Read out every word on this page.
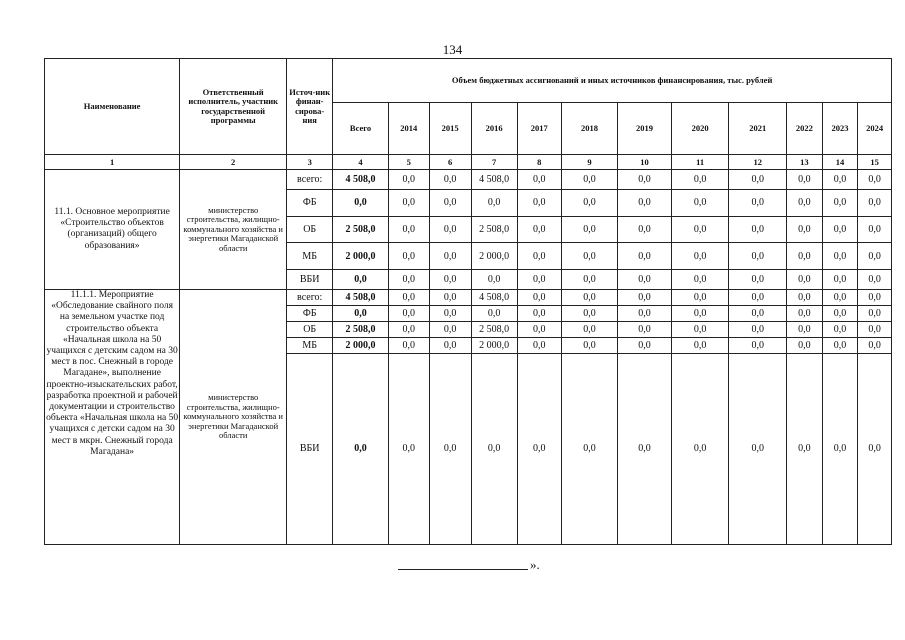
134
Наименование	Ответственный исполнитель, участник государственной программы	Источ-ник финан-сирова-ния	Объем бюджетных ассигнований и иных источников финансирования, тыс. рублей											
			Всего	2014	2015	2016	2017	2018	2019	2020	2021	2022	2023	2024
1	2	3	4	5	6	7	8	9	10	11	12	13	14	15
11.1. Основное мероприятие «Строительство объектов (организаций) общего образования»	министерство строительства, жилищно-коммунального хозяйства и энергетики Магаданской области	всего:	4 508,0	0,0	0,0	4 508,0	0,0	0,0	0,0	0,0	0,0	0,0	0,0	0,0
		ФБ	0,0	0,0	0,0	0,0	0,0	0,0	0,0	0,0	0,0	0,0	0,0	0,0
		ОБ	2 508,0	0,0	0,0	2 508,0	0,0	0,0	0,0	0,0	0,0	0,0	0,0	0,0
		МБ	2 000,0	0,0	0,0	2 000,0	0,0	0,0	0,0	0,0	0,0	0,0	0,0	0,0
		ВБИ	0,0	0,0	0,0	0,0	0,0	0,0	0,0	0,0	0,0	0,0	0,0	0,0
11.1.1. Мероприятие «Обследование свайного поля на земельном участке под строительство объекта «Начальная школа на 50 учащихся с детским садом на 30 мест в пос. Снежный в городе Магадане», выполнение проектно-изыскательских работ, разработка проектной и рабочей документации и строительство объекта «Начальная школа на 50 учащихся с детски садом на 30 мест в мкрн. Снежный города Магадана»	министерство строительства, жилищно-коммунального хозяйства и энергетики Магаданской области	всего:	4 508,0	0,0	0,0	4 508,0	0,0	0,0	0,0	0,0	0,0	0,0	0,0	0,0
		ФБ	0,0	0,0	0,0	0,0	0,0	0,0	0,0	0,0	0,0	0,0	0,0	0,0
		ОБ	2 508,0	0,0	0,0	2 508,0	0,0	0,0	0,0	0,0	0,0	0,0	0,0	0,0
		МБ	2 000,0	0,0	0,0	2 000,0	0,0	0,0	0,0	0,0	0,0	0,0	0,0	0,0
		ВБИ	0,0	0,0	0,0	0,0	0,0	0,0	0,0	0,0	0,0	0,0	0,0	0,0
».
